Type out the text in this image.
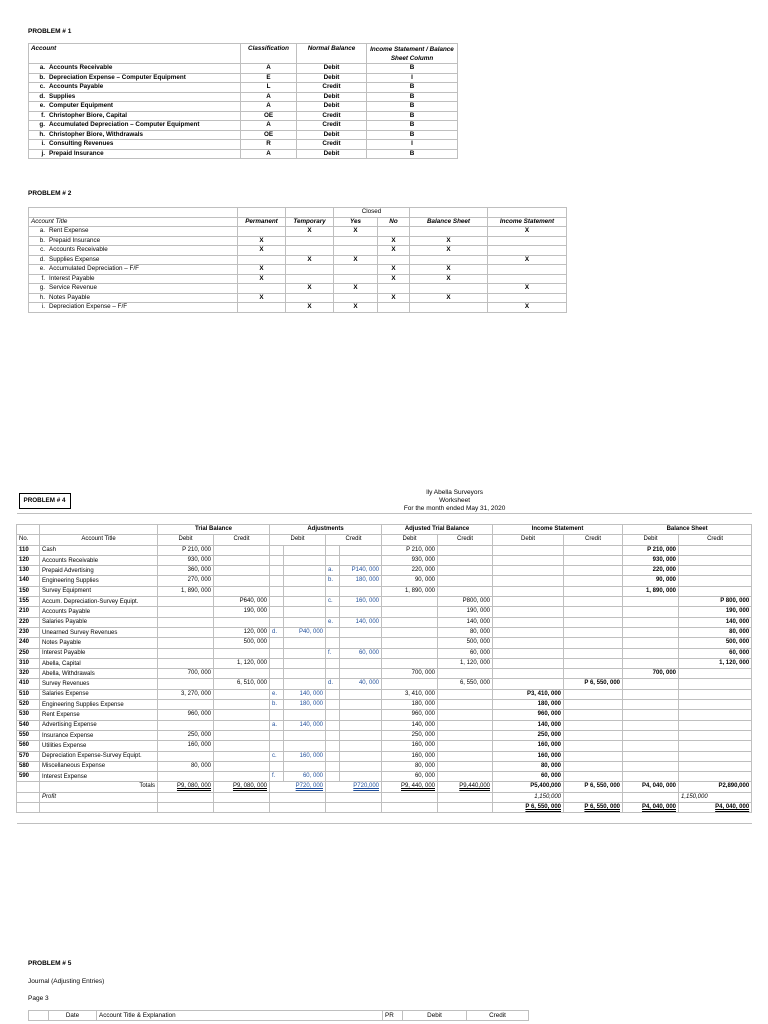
PROBLEM # 1
Account	Classification	Normal Balance	Income Statement / Balance Sheet Column
a. Accounts Receivable	A	Debit	B
b. Depreciation Expense – Computer Equipment	E	Debit	I
c. Accounts Payable	L	Credit	B
d. Supplies	A	Debit	B
e. Computer Equipment	A	Debit	B
f. Christopher Biore, Capital	OE	Credit	B
g. Accumulated Depreciation – Computer Equipment	A	Credit	B
h. Christopher Biore, Withdrawals	OE	Debit	B
i. Consulting Revenues	R	Credit	I
j. Prepaid Insurance	A	Debit	B
PROBLEM # 2
			Closed			
Account Title	Permanent	Temporary	Yes	No	Balance Sheet	Income Statement
a. Rent Expense		X	X			X
b. Prepaid Insurance	X			X	X	
c. Accounts Receivable	X			X	X	
d. Supplies Expense		X	X			X
e. Accumulated Depreciation – F/F	X			X	X	
f. Interest Payable	X			X	X	
g. Service Revenue		X	X			X
h. Notes Payable	X			X	X	
i. Depreciation Expense – F/F		X	X			X
PROBLEM # 4		lly Abella Surveyors
Worksheet
For the month ended May 31, 2020											

		Trial Balance		Adjustments				Adjusted Trial Balance		Income Statement		Balance Sheet	
No.	Account Title	Debit	Credit	Debit		Credit		Debit	Credit	Debit	Credit	Debit	Credit
110	Cash	P 210, 000						P 210, 000				P 210, 000	
120	Accounts Receivable	930, 000						930, 000				930, 000	
130	Prepaid Advertising	360, 000				a.	P140, 000	220, 000				220, 000	
140	Engineering Supplies	270, 000				b.	180, 000	90, 000				90, 000	
150	Survey Equipment	1, 890, 000						1, 890, 000				1, 890, 000	
155	Accum. Depreciation-Survey Equipt.		P640, 000			c.	160, 000		P800, 000				P 800, 000
210	Accounts Payable		190, 000						190, 000				190, 000
220	Salaries Payable					e.	140, 000		140, 000				140, 000
230	Unearned Survey Revenues		120, 000	d.	P40, 000				80, 000				80, 000
240	Notes Payable		500, 000						500, 000				500, 000
250	Interest Payable					f.	60, 000		60, 000				60, 000
310	Abella, Capital		1, 120, 000						1, 120, 000				1, 120, 000
320	Abella, Withdrawals	700, 000						700, 000				700, 000	
410	Survey Revenues		6, 510, 000			d.	40, 000		6, 550, 000		P 6, 550, 000		
510	Salaries Expense	3, 270, 000		e.	140, 000			3, 410, 000		P3, 410, 000			
520	Engineering Supplies Expense			b.	180, 000			180, 000		180, 000			
530	Rent Expense	960, 000						960, 000		960, 000			
540	Advertising Expense			a.	140, 000			140, 000		140, 000			
550	Insurance Expense	250, 000						250, 000		250, 000			
560	Utilities Expense	160, 000						160, 000		160, 000			
570	Depreciation Expense-Survey Equipt.			c.	160, 000			160, 000		160, 000			
580	Miscellaneous Expense	80, 000						80, 000		80, 000			
590	Interest Expense			f.	60, 000			60, 000		60, 000			
	Totals	P9, 080, 000	P9, 080, 000	P720, 000		P720,000		P9, 440, 000	P9,440,000	P5,400,000	P 6, 550, 000	P4, 040, 000	P2,890,000
	Profit									1,150,000			1,150,000
										P 6, 550, 000	P 6, 550, 000	P4, 040, 000	P4, 040, 000

PROBLEM # 5
Journal (Adjusting Entries)
Page 3
	Date	Account Title & Explanation	PR	Debit	Credit
